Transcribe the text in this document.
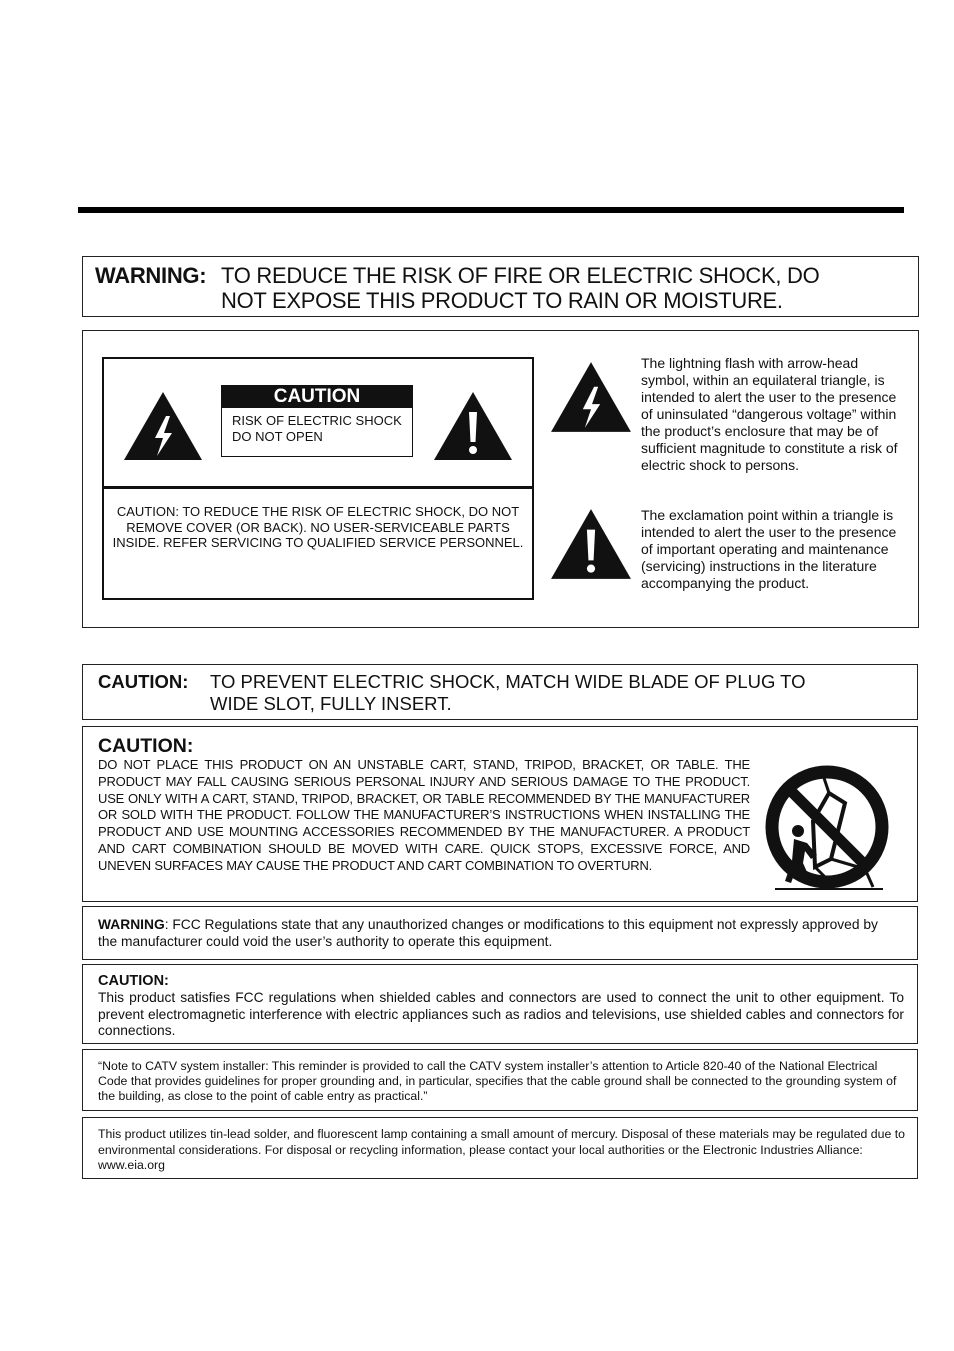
WARNING: TO REDUCE THE RISK OF FIRE OR ELECTRIC SHOCK, DO
NOT EXPOSE THIS PRODUCT TO RAIN OR MOISTURE.
CAUTION
RISK OF ELECTRIC SHOCK
DO NOT OPEN
CAUTION: TO REDUCE THE RISK OF ELECTRIC SHOCK, DO NOT REMOVE COVER (OR BACK). NO USER-SERVICEABLE PARTS INSIDE. REFER SERVICING TO QUALIFIED SERVICE PERSONNEL.
The lightning flash with arrow-head symbol, within an equilateral triangle, is intended to alert the user to the presence of uninsulated “dangerous voltage” within the product’s enclosure that may be of sufficient magnitude to constitute a risk of electric shock to persons.
The exclamation point within a triangle is intended to alert the user to the presence of important operating and maintenance (servicing) instructions in the literature accompanying the product.
CAUTION: TO PREVENT ELECTRIC SHOCK, MATCH WIDE BLADE OF PLUG TO
WIDE SLOT, FULLY INSERT.
CAUTION:
DO NOT PLACE THIS PRODUCT ON AN UNSTABLE CART, STAND, TRIPOD, BRACKET, OR TABLE. THE PRODUCT MAY FALL CAUSING SERIOUS PERSONAL INJURY AND SERIOUS DAMAGE TO THE PRODUCT. USE ONLY WITH A CART, STAND, TRIPOD, BRACKET, OR TABLE RECOMMENDED BY THE MANUFACTURER OR SOLD WITH THE PRODUCT. FOLLOW THE MANUFACTURER’S INSTRUCTIONS WHEN INSTALLING THE PRODUCT AND USE MOUNTING ACCESSORIES RECOMMENDED BY THE MANUFACTURER. A PRODUCT AND CART COMBINATION SHOULD BE MOVED WITH CARE. QUICK STOPS, EXCESSIVE FORCE, AND UNEVEN SURFACES MAY CAUSE THE PRODUCT AND CART COMBINATION TO OVERTURN.
WARNING: FCC Regulations state that any unauthorized changes or modifications to this equipment not expressly approved by the manufacturer could void the user’s authority to operate this equipment.
CAUTION:
This product satisfies FCC regulations when shielded cables and connectors are used to connect the unit to other equipment. To prevent electromagnetic interference with electric appliances such as radios and televisions, use shielded cables and connectors for connections.
“Note to CATV system installer: This reminder is provided to call the CATV system installer’s attention to Article 820-40 of the National Electrical Code that provides guidelines for proper grounding and, in particular, specifies that the cable ground shall be connected to the grounding system of the building, as close to the point of cable entry as practical.”
This product utilizes tin-lead solder, and fluorescent lamp containing a small amount of mercury. Disposal of these materials may be regulated due to environmental considerations. For disposal or recycling information, please contact your local authorities or the Electronic Industries Alliance: www.eia.org
